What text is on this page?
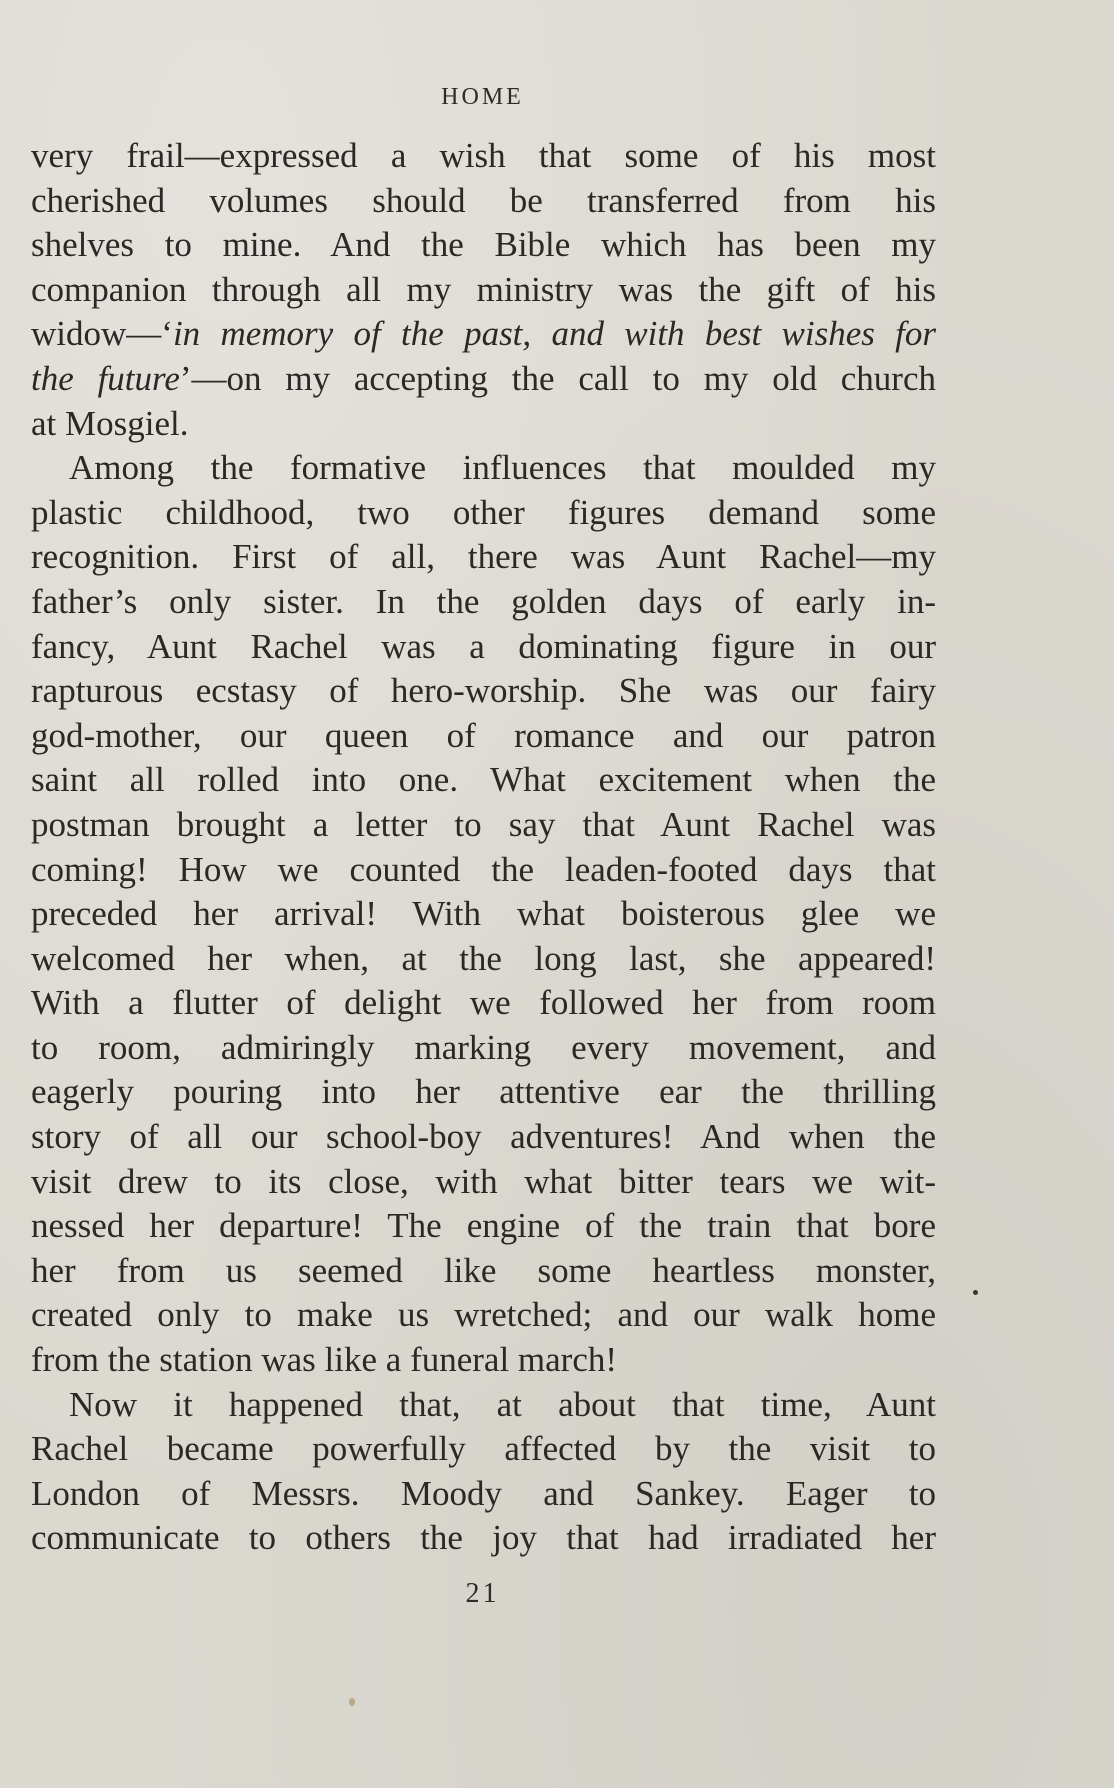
HOME
very frail—expressed a wish that some of his most
cherished volumes should be transferred from his
shelves to mine. And the Bible which has been my
companion through all my ministry was the gift of his
widow—‘in memory of the past, and with best wishes for
the future’—on my accepting the call to my old church
at Mosgiel.
Among the formative influences that moulded my
plastic childhood, two other figures demand some
recognition. First of all, there was Aunt Rachel—my
father’s only sister. In the golden days of early in-
fancy, Aunt Rachel was a dominating figure in our
rapturous ecstasy of hero-worship. She was our fairy
god-mother, our queen of romance and our patron
saint all rolled into one. What excitement when the
postman brought a letter to say that Aunt Rachel was
coming! How we counted the leaden-footed days that
preceded her arrival! With what boisterous glee we
welcomed her when, at the long last, she appeared!
With a flutter of delight we followed her from room
to room, admiringly marking every movement, and
eagerly pouring into her attentive ear the thrilling
story of all our school-boy adventures! And when the
visit drew to its close, with what bitter tears we wit-
nessed her departure! The engine of the train that bore
her from us seemed like some heartless monster,
created only to make us wretched; and our walk home
from the station was like a funeral march!
Now it happened that, at about that time, Aunt
Rachel became powerfully affected by the visit to
London of Messrs. Moody and Sankey. Eager to
communicate to others the joy that had irradiated her
21
